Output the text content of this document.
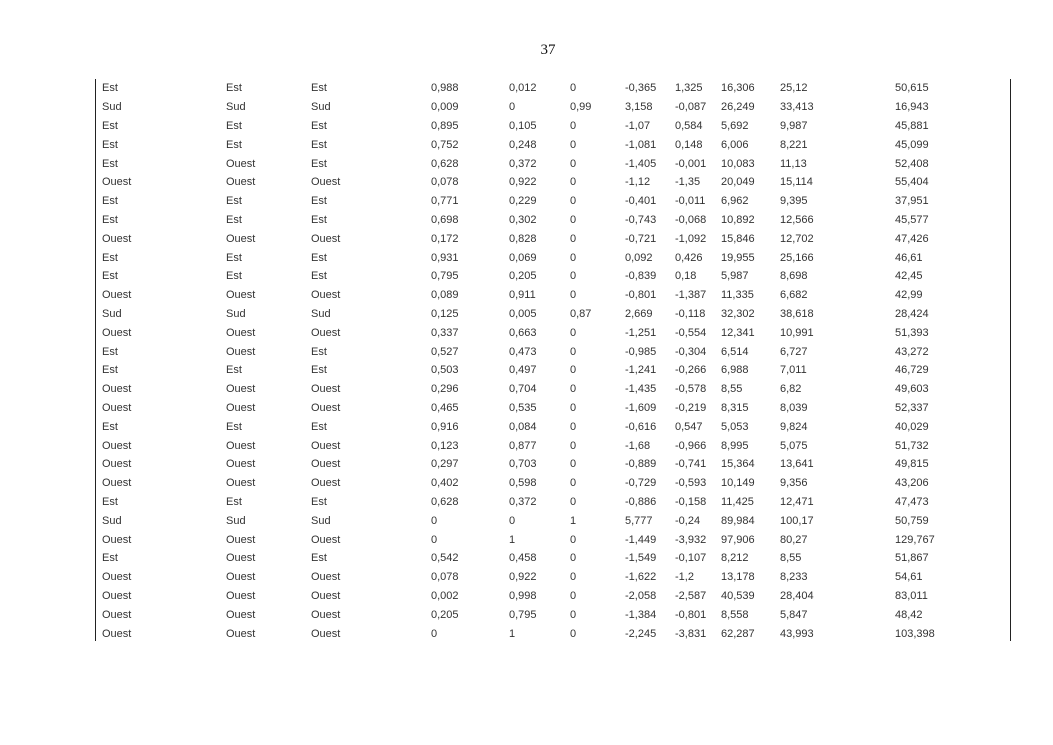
37
Est	Est	Est	0,988	0,012	0	-0,365	1,325	16,306	25,12	50,615
Sud	Sud	Sud	0,009	0	0,99	3,158	-0,087	26,249	33,413	16,943
Est	Est	Est	0,895	0,105	0	-1,07	0,584	5,692	9,987	45,881
Est	Est	Est	0,752	0,248	0	-1,081	0,148	6,006	8,221	45,099
Est	Ouest	Est	0,628	0,372	0	-1,405	-0,001	10,083	11,13	52,408
Ouest	Ouest	Ouest	0,078	0,922	0	-1,12	-1,35	20,049	15,114	55,404
Est	Est	Est	0,771	0,229	0	-0,401	-0,011	6,962	9,395	37,951
Est	Est	Est	0,698	0,302	0	-0,743	-0,068	10,892	12,566	45,577
Ouest	Ouest	Ouest	0,172	0,828	0	-0,721	-1,092	15,846	12,702	47,426
Est	Est	Est	0,931	0,069	0	0,092	0,426	19,955	25,166	46,61
Est	Est	Est	0,795	0,205	0	-0,839	0,18	5,987	8,698	42,45
Ouest	Ouest	Ouest	0,089	0,911	0	-0,801	-1,387	11,335	6,682	42,99
Sud	Sud	Sud	0,125	0,005	0,87	2,669	-0,118	32,302	38,618	28,424
Ouest	Ouest	Ouest	0,337	0,663	0	-1,251	-0,554	12,341	10,991	51,393
Est	Ouest	Est	0,527	0,473	0	-0,985	-0,304	6,514	6,727	43,272
Est	Est	Est	0,503	0,497	0	-1,241	-0,266	6,988	7,011	46,729
Ouest	Ouest	Ouest	0,296	0,704	0	-1,435	-0,578	8,55	6,82	49,603
Ouest	Ouest	Ouest	0,465	0,535	0	-1,609	-0,219	8,315	8,039	52,337
Est	Est	Est	0,916	0,084	0	-0,616	0,547	5,053	9,824	40,029
Ouest	Ouest	Ouest	0,123	0,877	0	-1,68	-0,966	8,995	5,075	51,732
Ouest	Ouest	Ouest	0,297	0,703	0	-0,889	-0,741	15,364	13,641	49,815
Ouest	Ouest	Ouest	0,402	0,598	0	-0,729	-0,593	10,149	9,356	43,206
Est	Est	Est	0,628	0,372	0	-0,886	-0,158	11,425	12,471	47,473
Sud	Sud	Sud	0	0	1	5,777	-0,24	89,984	100,17	50,759
Ouest	Ouest	Ouest	0	1	0	-1,449	-3,932	97,906	80,27	129,767
Est	Ouest	Est	0,542	0,458	0	-1,549	-0,107	8,212	8,55	51,867
Ouest	Ouest	Ouest	0,078	0,922	0	-1,622	-1,2	13,178	8,233	54,61
Ouest	Ouest	Ouest	0,002	0,998	0	-2,058	-2,587	40,539	28,404	83,011
Ouest	Ouest	Ouest	0,205	0,795	0	-1,384	-0,801	8,558	5,847	48,42
Ouest	Ouest	Ouest	0	1	0	-2,245	-3,831	62,287	43,993	103,398
